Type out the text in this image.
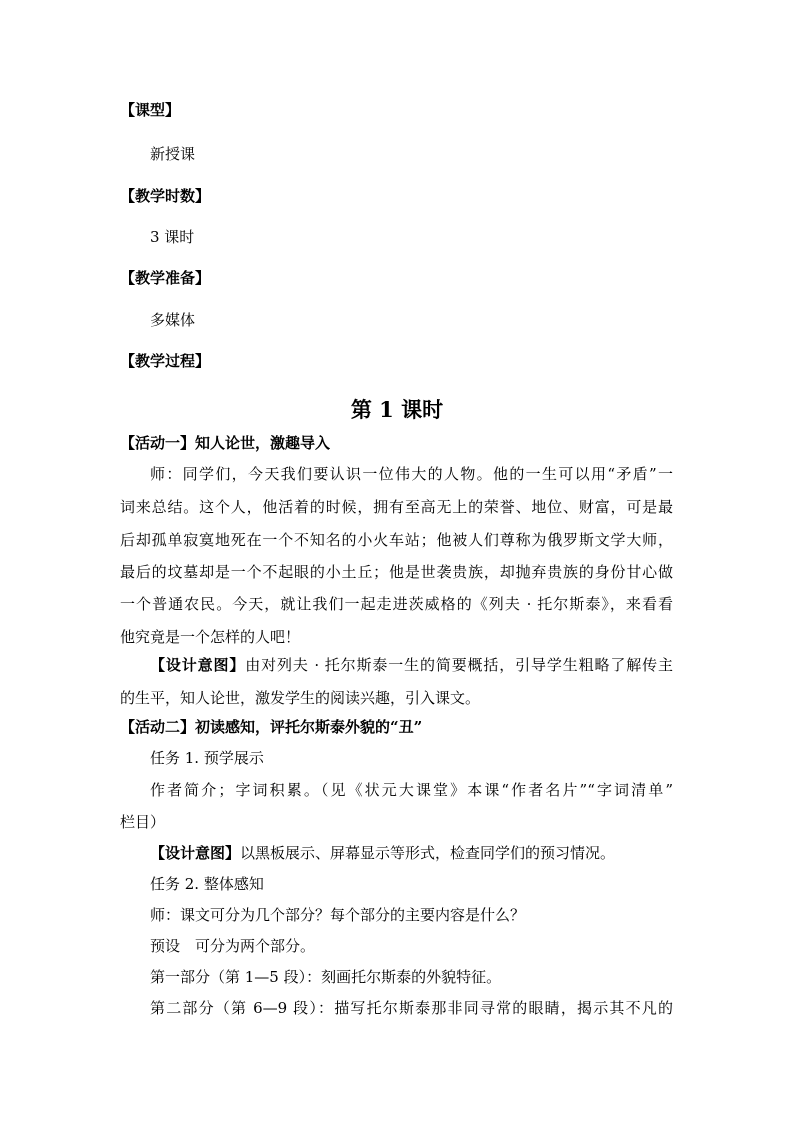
【课型】
新授课
【教学时数】
3 课时
【教学准备】
多媒体
【教学过程】
第 1 课时
【活动一】知人论世，激趣导入
师：同学们，今天我们要认识一位伟大的人物。他的一生可以用“矛盾”一
词来总结。这个人，他活着的时候，拥有至高无上的荣誉、地位、财富，可是最
后却孤单寂寞地死在一个不知名的小火车站；他被人们尊称为俄罗斯文学大师，
最后的坟墓却是一个不起眼的小土丘；他是世袭贵族，却抛弃贵族的身份甘心做
一个普通农民。今天，就让我们一起走进茨威格的《列夫 · 托尔斯泰》，来看看
他究竟是一个怎样的人吧！
【设计意图】由对列夫 · 托尔斯泰一生的简要概括，引导学生粗略了解传主
的生平，知人论世，激发学生的阅读兴趣，引入课文。
【活动二】初读感知，评托尔斯泰外貌的“丑”
任务 1. 预学展示
作者简介；字词积累。（见《状元大课堂》本课“作者名片”“字词清单”
栏目）
【设计意图】以黑板展示、屏幕显示等形式，检查同学们的预习情况。
任务 2. 整体感知
师：课文可分为几个部分？每个部分的主要内容是什么？
预设　可分为两个部分。
第一部分（第 1—5 段）：刻画托尔斯泰的外貌特征。
第二部分（第 6—9 段）：描写托尔斯泰那非同寻常的眼睛，揭示其不凡的
